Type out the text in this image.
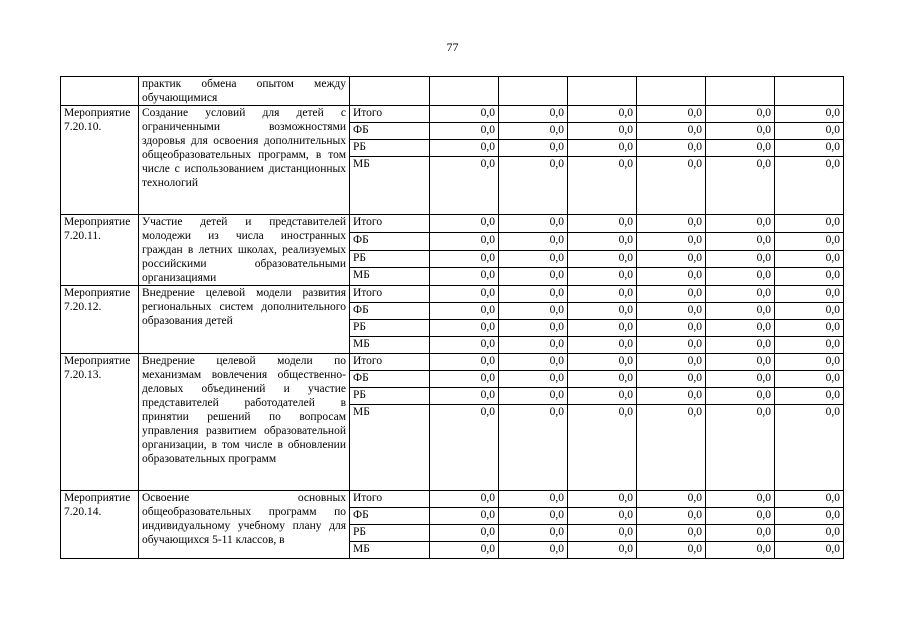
77
	практик обмена опытом между обучающимися							
Мероприятие 7.20.10.	Создание условий для детей с ограниченными возможностями здоровья для освоения дополнительных общеобразовательных программ, в том числе с использованием дистанционных технологий	Итого	0,0	0,0	0,0	0,0	0,0	0,0
		ФБ	0,0	0,0	0,0	0,0	0,0	0,0
		РБ	0,0	0,0	0,0	0,0	0,0	0,0
		МБ	0,0	0,0	0,0	0,0	0,0	0,0
Мероприятие 7.20.11.	Участие детей и представителей молодежи из числа иностранных граждан в летних школах, реализуемых российскими образовательными организациями	Итого	0,0	0,0	0,0	0,0	0,0	0,0
		ФБ	0,0	0,0	0,0	0,0	0,0	0,0
		РБ	0,0	0,0	0,0	0,0	0,0	0,0
		МБ	0,0	0,0	0,0	0,0	0,0	0,0
Мероприятие 7.20.12.	Внедрение целевой модели развития региональных систем дополнительного образования детей	Итого	0,0	0,0	0,0	0,0	0,0	0,0
		ФБ	0,0	0,0	0,0	0,0	0,0	0,0
		РБ	0,0	0,0	0,0	0,0	0,0	0,0
		МБ	0,0	0,0	0,0	0,0	0,0	0,0
Мероприятие 7.20.13.	Внедрение целевой модели по механизмам вовлечения общественно-деловых объединений и участие представителей работодателей в принятии решений по вопросам управления развитием образовательной организации, в том числе в обновлении образовательных программ	Итого	0,0	0,0	0,0	0,0	0,0	0,0
		ФБ	0,0	0,0	0,0	0,0	0,0	0,0
		РБ	0,0	0,0	0,0	0,0	0,0	0,0
		МБ	0,0	0,0	0,0	0,0	0,0	0,0
Мероприятие 7.20.14.	Освоение основных общеобразовательных программ по индивидуальному учебному плану для обучающихся 5-11 классов, в	Итого	0,0	0,0	0,0	0,0	0,0	0,0
		ФБ	0,0	0,0	0,0	0,0	0,0	0,0
		РБ	0,0	0,0	0,0	0,0	0,0	0,0
		МБ	0,0	0,0	0,0	0,0	0,0	0,0
